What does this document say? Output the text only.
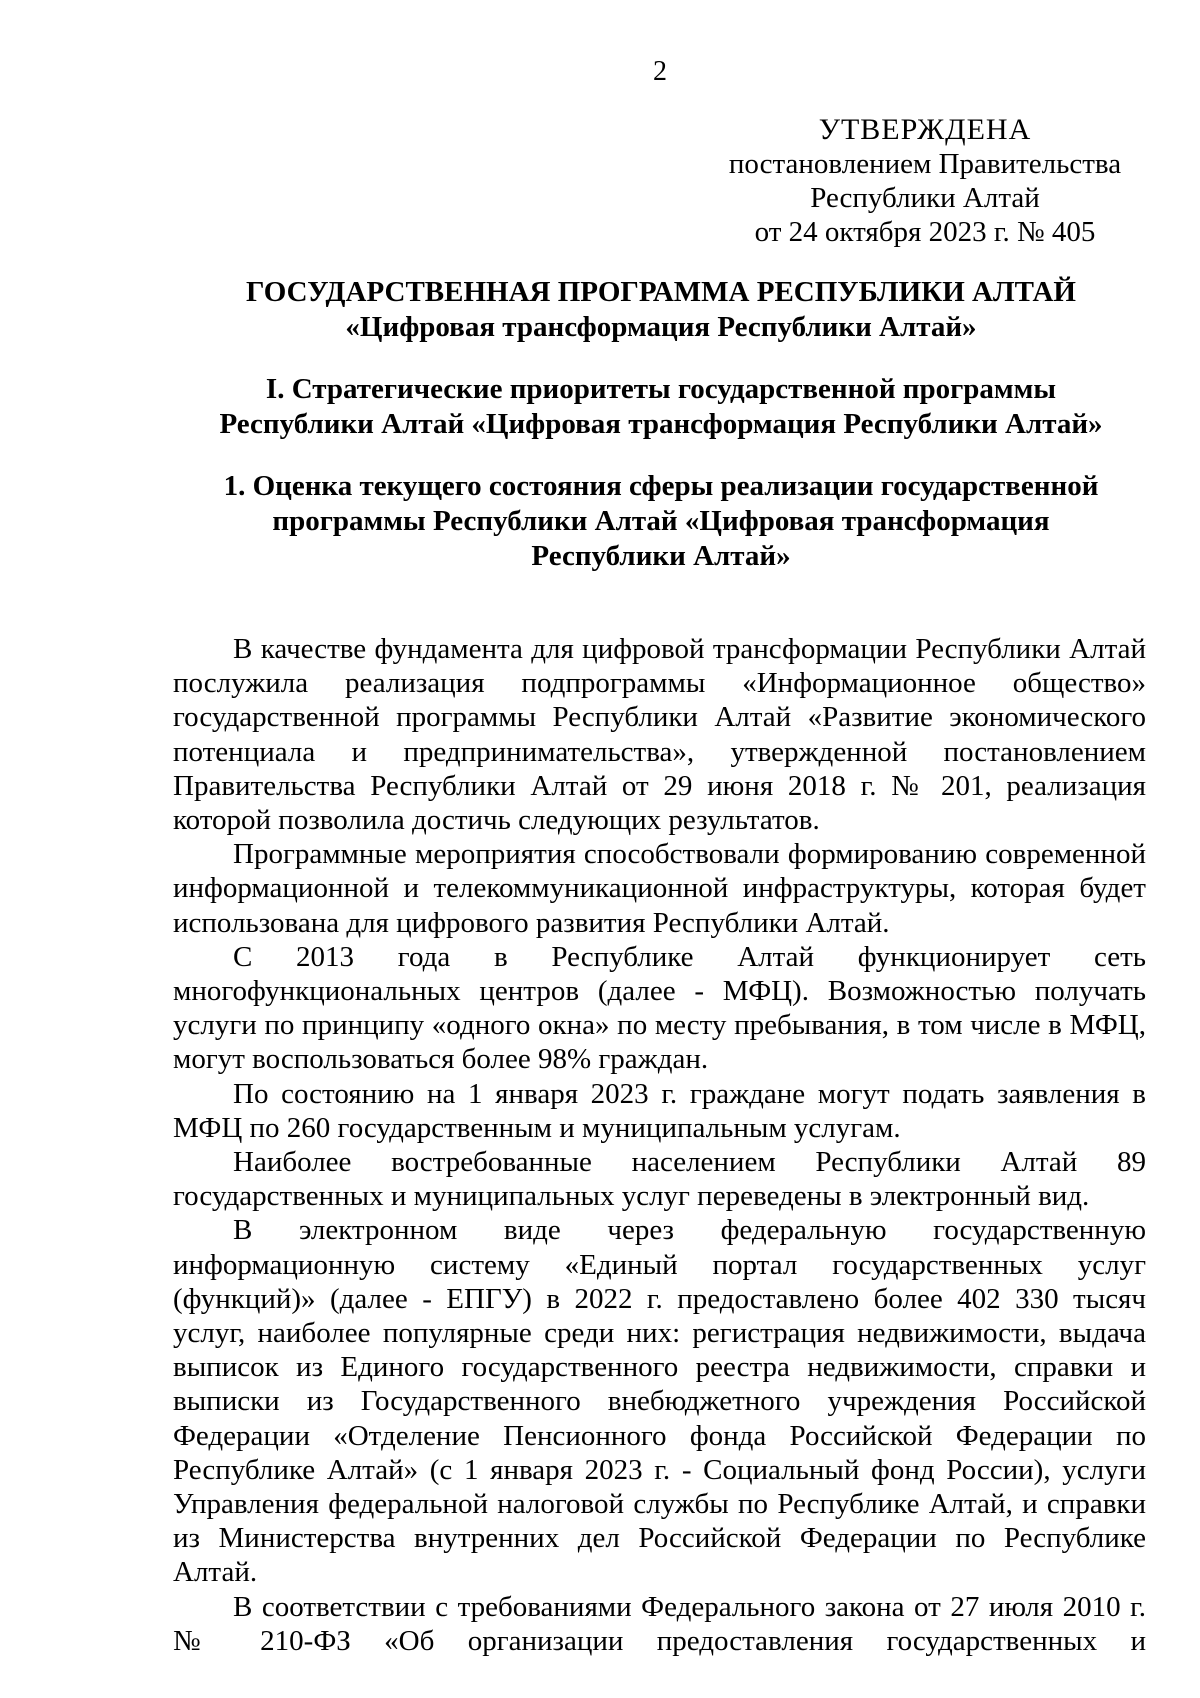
2
УТВЕРЖДЕНА
постановлением Правительства
Республики Алтай
от 24 октября 2023 г. № 405
ГОСУДАРСТВЕННАЯ ПРОГРАММА РЕСПУБЛИКИ АЛТАЙ
«Цифровая трансформация Республики Алтай»
I. Стратегические приоритеты государственной программы
Республики Алтай «Цифровая трансформация Республики Алтай»
1. Оценка текущего состояния сферы реализации государственной
программы Республики Алтай «Цифровая трансформация
Республики Алтай»

В качестве фундамента для цифровой трансформации Республики Алтай послужила реализация подпрограммы «Информационное общество» государственной программы Республики Алтай «Развитие экономического потенциала и предпринимательства», утвержденной постановлением Правительства Республики Алтай от 29 июня 2018 г. № 201, реализация которой позволила достичь следующих результатов.

Программные мероприятия способствовали формированию современной информационной и телекоммуникационной инфраструктуры, которая будет использована для цифрового развития Республики Алтай.

С 2013 года в Республике Алтай функционирует сеть многофункциональных центров (далее - МФЦ). Возможностью получать услуги по принципу «одного окна» по месту пребывания, в том числе в МФЦ, могут воспользоваться более 98% граждан.

По состоянию на 1 января 2023 г. граждане могут подать заявления в МФЦ по 260 государственным и муниципальным услугам.

Наиболее востребованные населением Республики Алтай 89 государственных и муниципальных услуг переведены в электронный вид.

В электронном виде через федеральную государственную информационную систему «Единый портал государственных услуг (функций)» (далее - ЕПГУ) в 2022 г. предоставлено более 402 330 тысяч услуг, наиболее популярные среди них: регистрация недвижимости, выдача выписок из Единого государственного реестра недвижимости, справки и выписки из Государственного внебюджетного учреждения Российской Федерации «Отделение Пенсионного фонда Российской Федерации по Республике Алтай» (с 1 января 2023 г. - Социальный фонд России), услуги Управления федеральной налоговой службы по Республике Алтай, и справки из Министерства внутренних дел Российской Федерации по Республике Алтай.

В соответствии с требованиями Федерального закона от 27 июля 2010 г. № 210-ФЗ «Об организации предоставления государственных и
